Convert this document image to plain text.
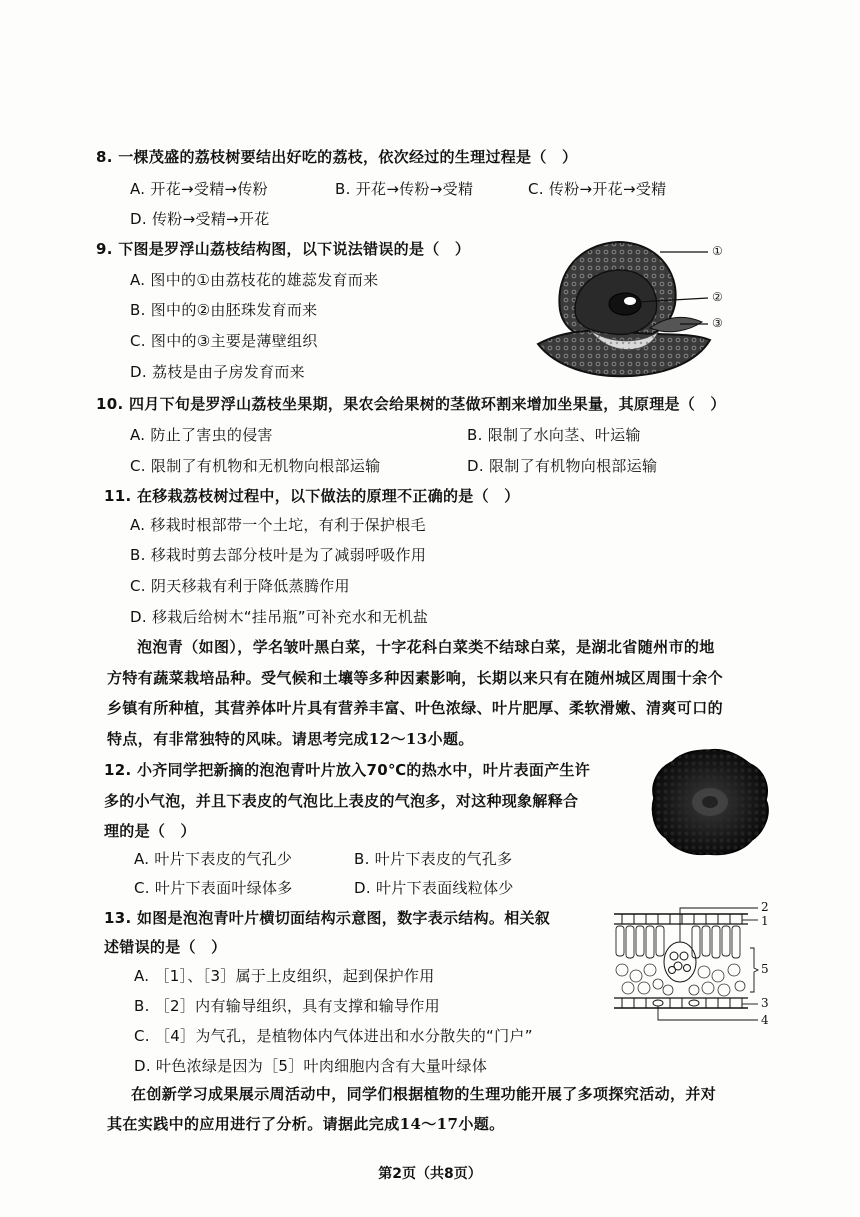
8. 一棵茂盛的荔枝树要结出好吃的荔枝，依次经过的生理过程是（　）
A. 开花→受精→传粉	B. 开花→传粉→受精	C. 传粉→开花→受精
D. 传粉→受精→开花
9. 下图是罗浮山荔枝结构图，以下说法错误的是（　）
A. 图中的①由荔枝花的雄蕊发育而来
B. 图中的②由胚珠发育而来
C. 图中的③主要是薄壁组织
D. 荔枝是由子房发育而来
①
②
③
10. 四月下旬是罗浮山荔枝坐果期，果农会给果树的茎做环割来增加坐果量，其原理是（　）
A. 防止了害虫的侵害	B. 限制了水向茎、叶运输
C. 限制了有机物和无机物向根部运输	D. 限制了有机物向根部运输
11. 在移栽荔枝树过程中，以下做法的原理不正确的是（　）
A. 移栽时根部带一个土坨，有利于保护根毛
B. 移栽时剪去部分枝叶是为了减弱呼吸作用
C. 阴天移栽有利于降低蒸腾作用
D. 移栽后给树木“挂吊瓶”可补充水和无机盐
泡泡青（如图），学名皱叶黑白菜，十字花科白菜类不结球白菜，是湖北省随州市的地
方特有蔬菜栽培品种。受气候和土壤等多种因素影响，长期以来只有在随州城区周围十余个
乡镇有所种植，其营养体叶片具有营养丰富、叶色浓绿、叶片肥厚、柔软滑嫩、清爽可口的
特点，有非常独特的风味。请思考完成12～13小题。
12. 小齐同学把新摘的泡泡青叶片放入70℃的热水中，叶片表面产生许
多的小气泡，并且下表皮的气泡比上表皮的气泡多，对这种现象解释合
理的是（　）
A. 叶片下表皮的气孔少	B. 叶片下表皮的气孔多
C. 叶片下表面叶绿体多	D. 叶片下表面线粒体少
13. 如图是泡泡青叶片横切面结构示意图，数字表示结构。相关叙
述错误的是（　）
A. ［1］、［3］属于上皮组织，起到保护作用
B. ［2］内有输导组织，具有支撑和输导作用
C. ［4］为气孔，是植物体内气体进出和水分散失的“门户”
D. 叶色浓绿是因为［5］叶肉细胞内含有大量叶绿体
2
1
5
3
4
在创新学习成果展示周活动中，同学们根据植物的生理功能开展了多项探究活动，并对
其在实践中的应用进行了分析。请据此完成14～17小题。
第2页（共8页）
